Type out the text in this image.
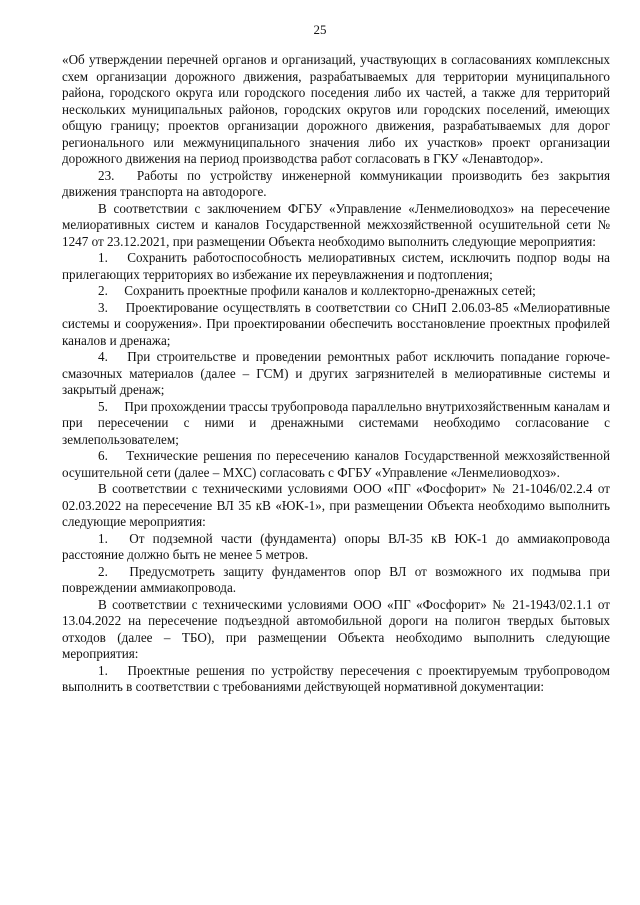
25

«Об утверждении перечней органов и организаций, участвующих в согласованиях комплексных схем организации дорожного движения, разрабатываемых для территории муниципального района, городского округа или городского поседения либо их частей, а также для территорий нескольких муниципальных районов, городских округов или городских поселений, имеющих общую границу; проектов организации дорожного движения, разрабатываемых для дорог регионального или межмуниципального значения либо их участков» проект организации дорожного движения на период производства работ согласовать в ГКУ «Ленавтодор».

23.  Работы по устройству инженерной коммуникации производить без закрытия движения транспорта на автодороге.

В соответствии с заключением ФГБУ «Управление «Ленмелиоводхоз» на пересечение мелиоративных систем и каналов Государственной межхозяйственной осушительной сети № 1247 от 23.12.2021, при размещении Объекта необходимо выполнить следующие мероприятия:

1.  Сохранить работоспособность мелиоративных систем, исключить подпор воды на прилегающих территориях во избежание их переувлажнения и подтопления;

2.  Сохранить проектные профили каналов и коллекторно-дренажных сетей;

3.  Проектирование осуществлять в соответствии со СНиП 2.06.03-85 «Мелиоративные системы и сооружения». При проектировании обеспечить восстановление проектных профилей каналов и дренажа;

4.  При строительстве и проведении ремонтных работ исключить попадание горюче-смазочных материалов (далее – ГСМ) и других загрязнителей в мелиоративные системы и закрытый дренаж;

5.  При прохождении трассы трубопровода параллельно внутрихозяйственным каналам и при пересечении с ними и дренажными системами необходимо согласование с землепользователем;

6.  Технические решения по пересечению каналов Государственной межхозяйственной осушительной сети (далее – МХС) согласовать с ФГБУ «Управление «Ленмелиоводхоз».

В соответствии с техническими условиями ООО «ПГ «Фосфорит» № 21-1046/02.2.4 от 02.03.2022 на пересечение ВЛ 35 кВ «ЮК-1», при размещении Объекта необходимо выполнить следующие мероприятия:

1.  От подземной части (фундамента) опоры ВЛ-35 кВ ЮК-1 до аммиакопровода расстояние должно быть не менее 5 метров.

2.  Предусмотреть защиту фундаментов опор ВЛ от возможного их подмыва при повреждении аммиакопровода.

В соответствии с техническими условиями ООО «ПГ «Фосфорит» № 21-1943/02.1.1 от 13.04.2022 на пересечение подъездной автомобильной дороги на полигон твердых бытовых отходов (далее – ТБО), при размещении Объекта необходимо выполнить следующие мероприятия:

1.  Проектные решения по устройству пересечения с проектируемым трубопроводом выполнить в соответствии с требованиями действующей нормативной документации:
